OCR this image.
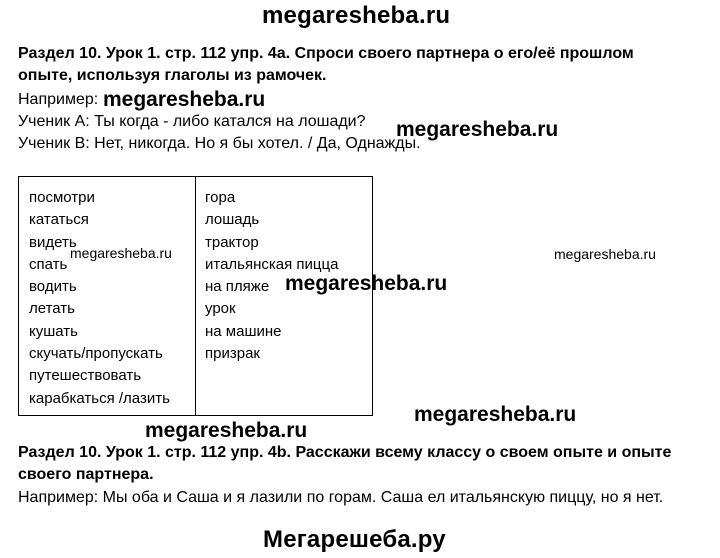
megaresheba.ru
Раздел 10. Урок 1. стр. 112 упр. 4а. Спроси своего партнера о его/её прошлом
опыте, используя глаголы из рамочек.
Например: megaresheba.ru
Ученик А: Ты когда - либо катался на лошади? megaresheba.ru
Ученик В: Нет, никогда. Но я бы хотел. / Да, Однажды.
посмотри
кататься
видеть
спать
водить
летать
кушать
скучать/пропускать
путешествовать
карабкаться /лазить
гора
лошадь
трактор
итальянская пицца
на пляже
урок
на машине
призрак
megaresheba.ru	megaresheba.ru
megaresheba.ru
megaresheba.ru
megaresheba.ru
Раздел 10. Урок 1. стр. 112 упр. 4b. Расскажи всему классу о своем опыте и опыте
своего партнера.
Например: Мы оба и Саша и я лазили по горам. Саша ел итальянскую пиццу, но я нет.
Мегарешеба.ру
